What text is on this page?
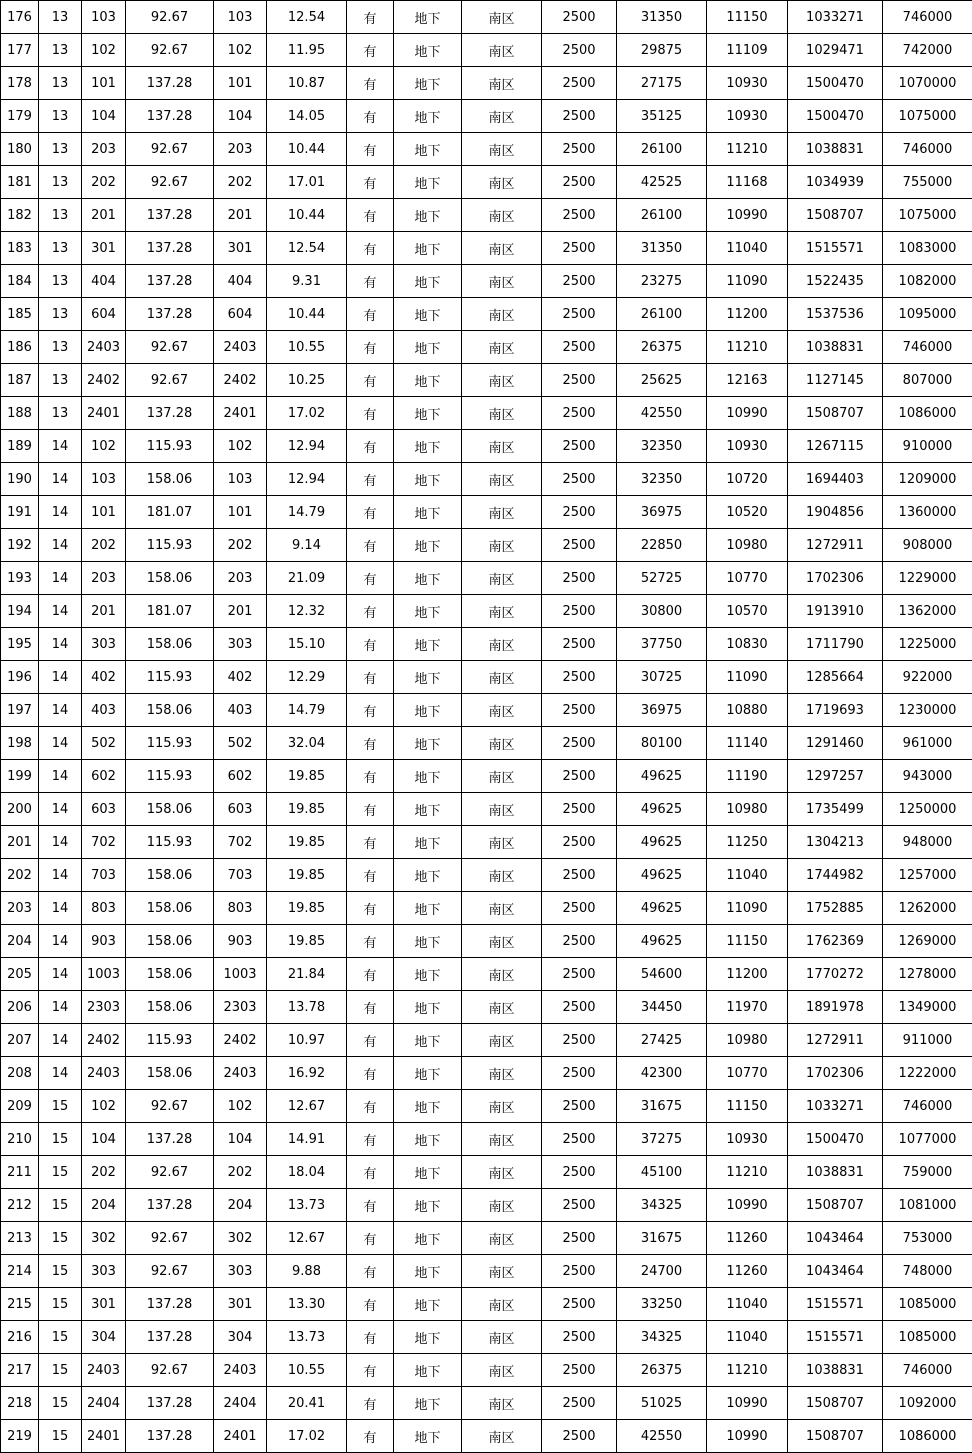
176	13	103	92.67	103	12.54	有	地下	南区	2500	31350	11150	1033271	746000
177	13	102	92.67	102	11.95	有	地下	南区	2500	29875	11109	1029471	742000
178	13	101	137.28	101	10.87	有	地下	南区	2500	27175	10930	1500470	1070000
179	13	104	137.28	104	14.05	有	地下	南区	2500	35125	10930	1500470	1075000
180	13	203	92.67	203	10.44	有	地下	南区	2500	26100	11210	1038831	746000
181	13	202	92.67	202	17.01	有	地下	南区	2500	42525	11168	1034939	755000
182	13	201	137.28	201	10.44	有	地下	南区	2500	26100	10990	1508707	1075000
183	13	301	137.28	301	12.54	有	地下	南区	2500	31350	11040	1515571	1083000
184	13	404	137.28	404	9.31	有	地下	南区	2500	23275	11090	1522435	1082000
185	13	604	137.28	604	10.44	有	地下	南区	2500	26100	11200	1537536	1095000
186	13	2403	92.67	2403	10.55	有	地下	南区	2500	26375	11210	1038831	746000
187	13	2402	92.67	2402	10.25	有	地下	南区	2500	25625	12163	1127145	807000
188	13	2401	137.28	2401	17.02	有	地下	南区	2500	42550	10990	1508707	1086000
189	14	102	115.93	102	12.94	有	地下	南区	2500	32350	10930	1267115	910000
190	14	103	158.06	103	12.94	有	地下	南区	2500	32350	10720	1694403	1209000
191	14	101	181.07	101	14.79	有	地下	南区	2500	36975	10520	1904856	1360000
192	14	202	115.93	202	9.14	有	地下	南区	2500	22850	10980	1272911	908000
193	14	203	158.06	203	21.09	有	地下	南区	2500	52725	10770	1702306	1229000
194	14	201	181.07	201	12.32	有	地下	南区	2500	30800	10570	1913910	1362000
195	14	303	158.06	303	15.10	有	地下	南区	2500	37750	10830	1711790	1225000
196	14	402	115.93	402	12.29	有	地下	南区	2500	30725	11090	1285664	922000
197	14	403	158.06	403	14.79	有	地下	南区	2500	36975	10880	1719693	1230000
198	14	502	115.93	502	32.04	有	地下	南区	2500	80100	11140	1291460	961000
199	14	602	115.93	602	19.85	有	地下	南区	2500	49625	11190	1297257	943000
200	14	603	158.06	603	19.85	有	地下	南区	2500	49625	10980	1735499	1250000
201	14	702	115.93	702	19.85	有	地下	南区	2500	49625	11250	1304213	948000
202	14	703	158.06	703	19.85	有	地下	南区	2500	49625	11040	1744982	1257000
203	14	803	158.06	803	19.85	有	地下	南区	2500	49625	11090	1752885	1262000
204	14	903	158.06	903	19.85	有	地下	南区	2500	49625	11150	1762369	1269000
205	14	1003	158.06	1003	21.84	有	地下	南区	2500	54600	11200	1770272	1278000
206	14	2303	158.06	2303	13.78	有	地下	南区	2500	34450	11970	1891978	1349000
207	14	2402	115.93	2402	10.97	有	地下	南区	2500	27425	10980	1272911	911000
208	14	2403	158.06	2403	16.92	有	地下	南区	2500	42300	10770	1702306	1222000
209	15	102	92.67	102	12.67	有	地下	南区	2500	31675	11150	1033271	746000
210	15	104	137.28	104	14.91	有	地下	南区	2500	37275	10930	1500470	1077000
211	15	202	92.67	202	18.04	有	地下	南区	2500	45100	11210	1038831	759000
212	15	204	137.28	204	13.73	有	地下	南区	2500	34325	10990	1508707	1081000
213	15	302	92.67	302	12.67	有	地下	南区	2500	31675	11260	1043464	753000
214	15	303	92.67	303	9.88	有	地下	南区	2500	24700	11260	1043464	748000
215	15	301	137.28	301	13.30	有	地下	南区	2500	33250	11040	1515571	1085000
216	15	304	137.28	304	13.73	有	地下	南区	2500	34325	11040	1515571	1085000
217	15	2403	92.67	2403	10.55	有	地下	南区	2500	26375	11210	1038831	746000
218	15	2404	137.28	2404	20.41	有	地下	南区	2500	51025	10990	1508707	1092000
219	15	2401	137.28	2401	17.02	有	地下	南区	2500	42550	10990	1508707	1086000
